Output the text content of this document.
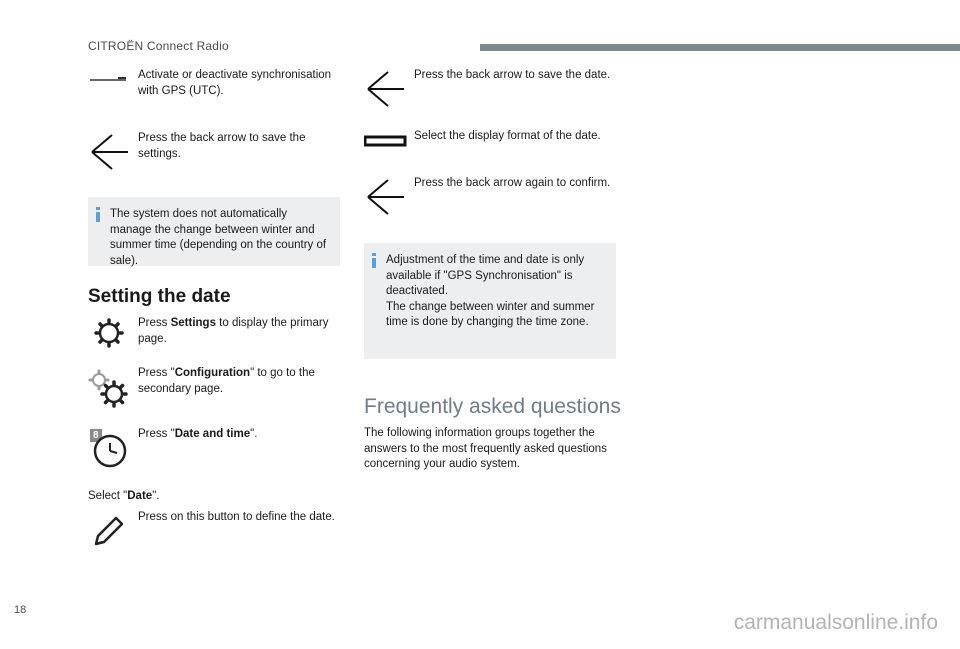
CITROËN Connect Radio
Activate or deactivate synchronisation with GPS (UTC).
Press the back arrow to save the settings.
The system does not automatically manage the change between winter and summer time (depending on the country of sale).
Setting the date
Press Settings to display the primary page.
Press "Configuration" to go to the secondary page.
8	Press "Date and time".
Select "Date".
Press on this button to define the date.
Press the back arrow to save the date.
Select the display format of the date.
Press the back arrow again to confirm.
Adjustment of the time and date is only available if "GPS Synchronisation" is deactivated.
The change between winter and summer time is done by changing the time zone.
Frequently asked questions
The following information groups together the answers to the most frequently asked questions concerning your audio system.
18
carmanualsonline.info
